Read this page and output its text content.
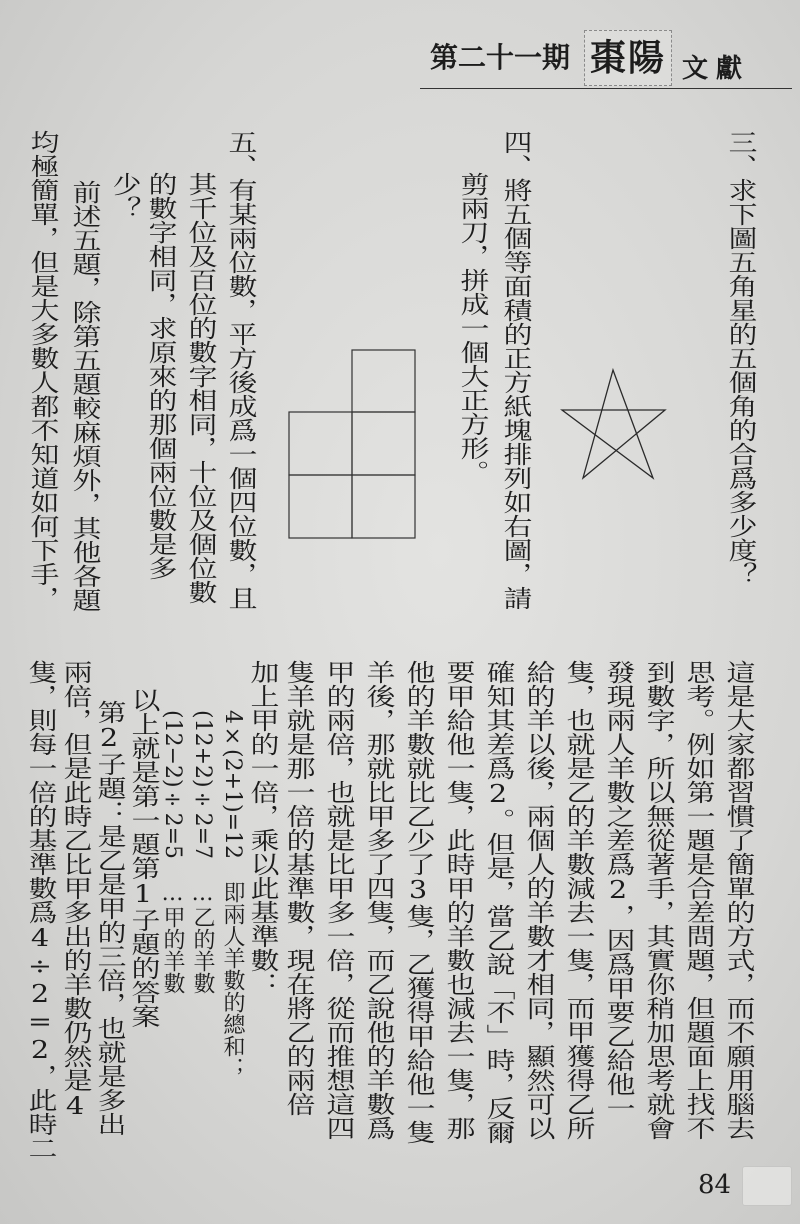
第二十一期 棗陽 文獻
三、求下圖五角星的五個角的合爲多少度？
四、將五個等面積的正方紙塊排列如右圖，請
剪兩刀，拼成一個大正方形。
五、有某兩位數，平方後成爲一個四位數，且
其千位及百位的數字相同，十位及個位數
的數字相同，求原來的那個兩位數是多
少？
前述五題，除第五題較麻煩外，其他各題
均極簡單，但是大多數人都不知道如何下手，
這是大家都習慣了簡單的方式，而不願用腦去
思考。例如第一題是合差問題，但題面上找不
到數字，所以無從著手，其實你稍加思考就會
發現兩人羊數之差爲2，因爲甲要乙給他一
隻，也就是乙的羊數減去一隻，而甲獲得乙所
給的羊以後，兩個人的羊數才相同，顯然可以
確知其差爲2。但是，當乙說「不」時，反爾
要甲給他一隻，此時甲的羊數也減去一隻，那
他的羊數就比乙少了3隻，乙獲得甲給他一隻
羊後，那就比甲多了四隻，而乙說他的羊數爲
甲的兩倍，也就是比甲多一倍，從而推想這四
隻羊就是那一倍的基準數，現在將乙的兩倍
加上甲的一倍，乘以此基準數：
4×(2+1)=12即兩人羊數的總和；
(12+2)÷2=7…乙的羊數
(12−2)÷2=5…甲的羊數
以上就是第一題第1子題的答案
第2子題：是乙是甲的三倍，也就是多出
兩倍，但是此時乙比甲多出的羊數仍然是4
隻，則每一倍的基準數爲4÷2=2，此時二
84
